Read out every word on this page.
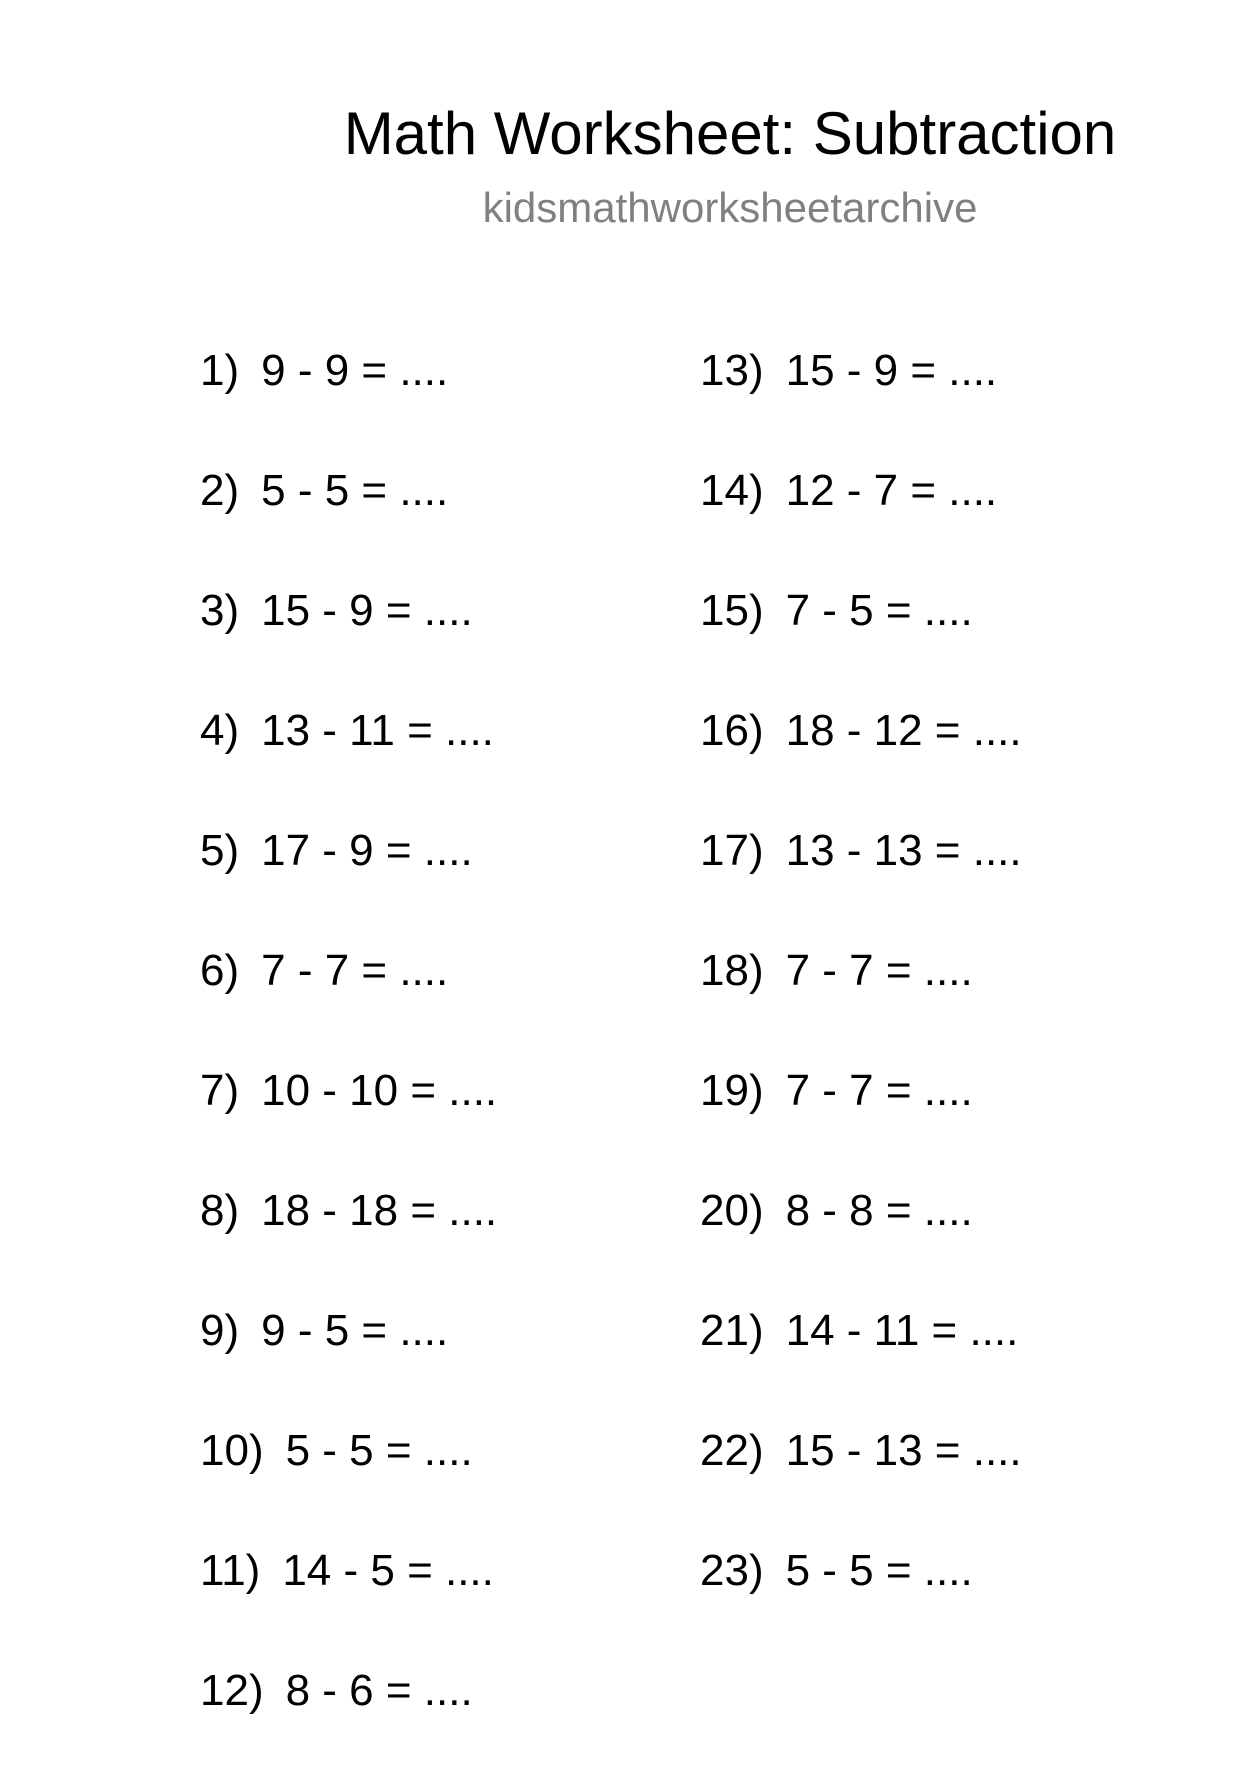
Math Worksheet: Subtraction
kidsmathworksheetarchive
1) 9 - 9 = ....
2) 5 - 5 = ....
3) 15 - 9 = ....
4) 13 - 11 = ....
5) 17 - 9 = ....
6) 7 - 7 = ....
7) 10 - 10 = ....
8) 18 - 18 = ....
9) 9 - 5 = ....
10) 5 - 5 = ....
11) 14 - 5 = ....
12) 8 - 6 = ....
13) 15 - 9 = ....
14) 12 - 7 = ....
15) 7 - 5 = ....
16) 18 - 12 = ....
17) 13 - 13 = ....
18) 7 - 7 = ....
19) 7 - 7 = ....
20) 8 - 8 = ....
21) 14 - 11 = ....
22) 15 - 13 = ....
23) 5 - 5 = ....
